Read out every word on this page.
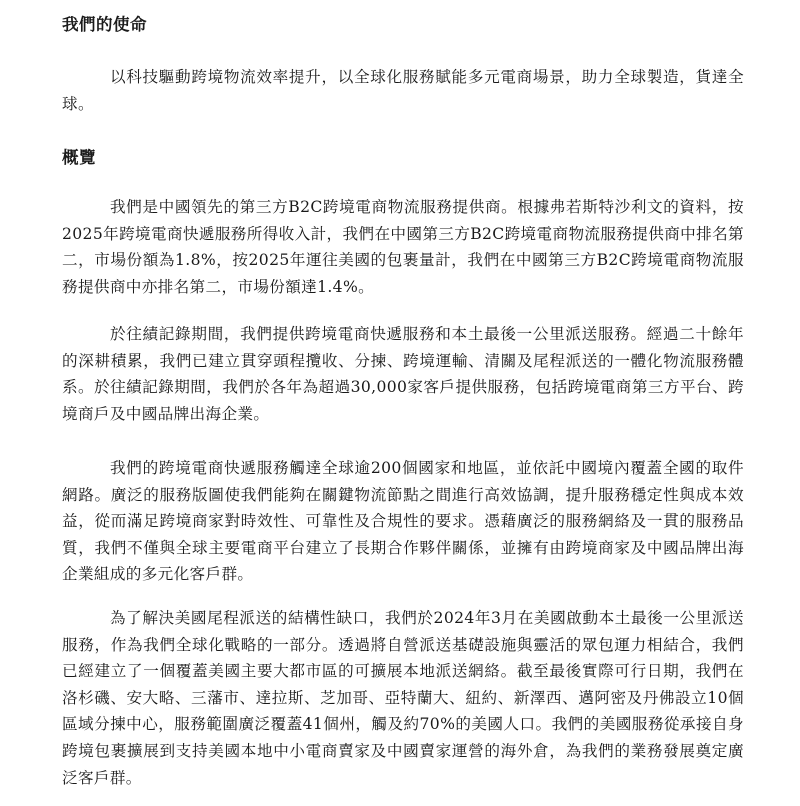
我們的使命

以科技驅動跨境物流效率提升，以全球化服務賦能多元電商場景，助力全球製造，貨達全球。

概覽

我們是中國領先的第三方B2C跨境電商物流服務提供商。根據弗若斯特沙利文的資料，按2025年跨境電商快遞服務所得收入計，我們在中國第三方B2C跨境電商物流服務提供商中排名第二，市場份額為1.8%，按2025年運往美國的包裹量計，我們在中國第三方B2C跨境電商物流服務提供商中亦排名第二，市場份額達1.4%。

於往績記錄期間，我們提供跨境電商快遞服務和本土最後一公里派送服務。經過二十餘年的深耕積累，我們已建立貫穿頭程攬收、分揀、跨境運輸、清關及尾程派送的一體化物流服務體系。於往績記錄期間，我們於各年為超過30,000家客戶提供服務，包括跨境電商第三方平台、跨境商戶及中國品牌出海企業。

我們的跨境電商快遞服務觸達全球逾200個國家和地區，並依託中國境內覆蓋全國的取件網路。廣泛的服務版圖使我們能夠在關鍵物流節點之間進行高效協調，提升服務穩定性與成本效益，從而滿足跨境商家對時效性、可靠性及合規性的要求。憑藉廣泛的服務網絡及一貫的服務品質，我們不僅與全球主要電商平台建立了長期合作夥伴關係，並擁有由跨境商家及中國品牌出海企業組成的多元化客戶群。

為了解決美國尾程派送的結構性缺口，我們於2024年3月在美國啟動本土最後一公里派送服務，作為我們全球化戰略的一部分。透過將自營派送基礎設施與靈活的眾包運力相結合，我們已經建立了一個覆蓋美國主要大都市區的可擴展本地派送網絡。截至最後實際可行日期，我們在洛杉磯、安大略、三藩市、達拉斯、芝加哥、亞特蘭大、紐約、新澤西、邁阿密及丹佛設立10個區域分揀中心，服務範圍廣泛覆蓋41個州，觸及約70%的美國人口。我們的美國服務從承接自身跨境包裹擴展到支持美國本地中小電商賣家及中國賣家運營的海外倉，為我們的業務發展奠定廣泛客戶群。
